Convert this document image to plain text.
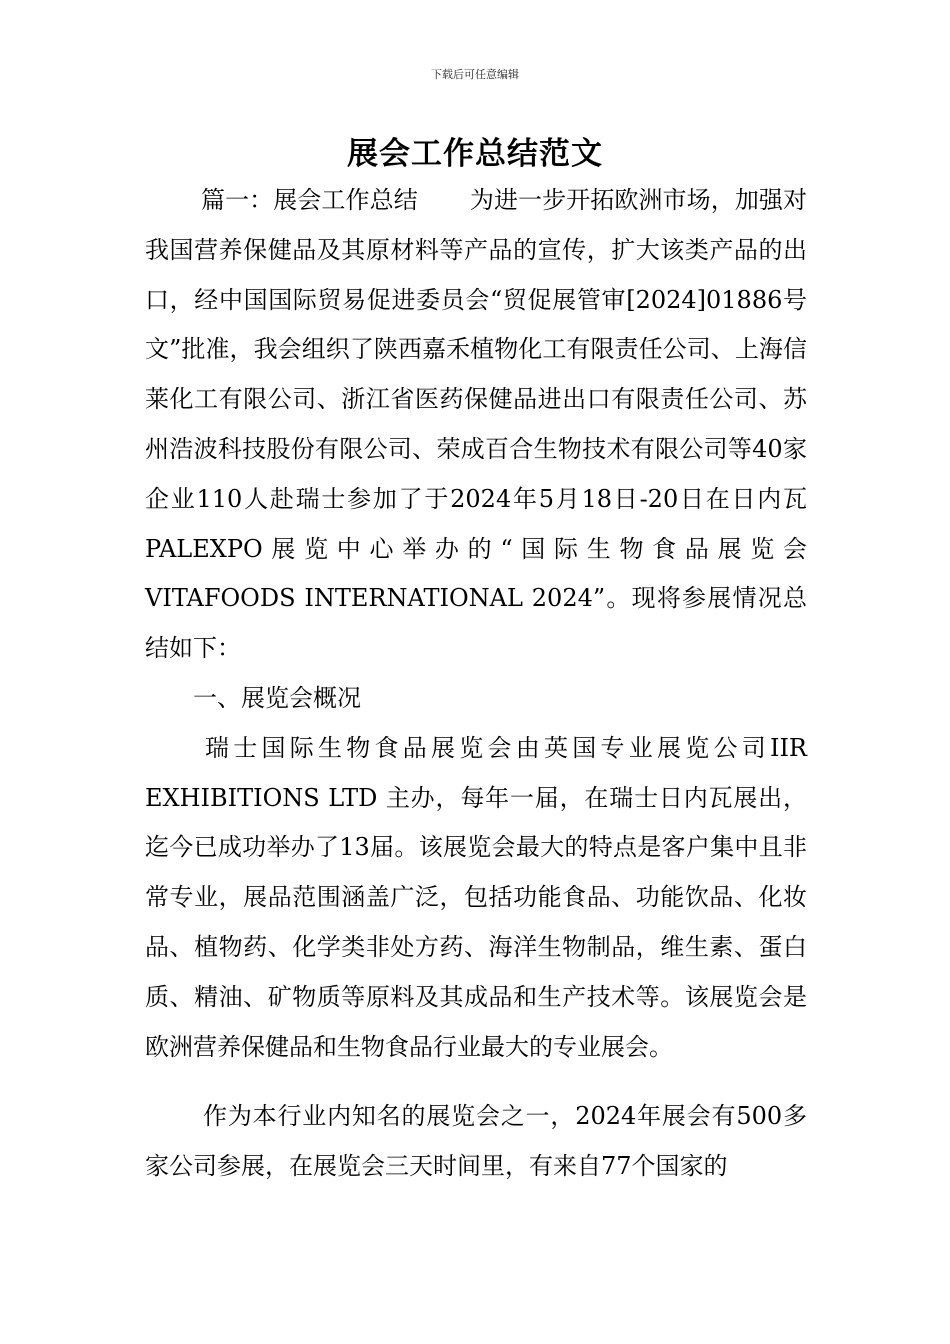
下载后可任意编辑
展会工作总结范文

篇一：展会工作总结 为进一步开拓欧洲市场，加强对我国营养保健品及其原材料等产品的宣传，扩大该类产品的出口，经中国国际贸易促进委员会“贸促展管审[2024]01886号文”批准，我会组织了陕西嘉禾植物化工有限责任公司、上海信莱化工有限公司、浙江省医药保健品进出口有限责任公司、苏州浩波科技股份有限公司、荣成百合生物技术有限公司等40家企业110人赴瑞士参加了于2024年5月18日-20日在日内瓦PALEXPO展览中心举办的“国际生物食品展览会 VITAFOODS INTERNATIONAL 2024”。现将参展情况总结如下：

一、展览会概况

瑞士国际生物食品展览会由英国专业展览公司IIR EXHIBITIONS LTD 主办，每年一届，在瑞士日内瓦展出，迄今已成功举办了13届。该展览会最大的特点是客户集中且非常专业，展品范围涵盖广泛，包括功能食品、功能饮品、化妆品、植物药、化学类非处方药、海洋生物制品，维生素、蛋白质、精油、矿物质等原料及其成品和生产技术等。该展览会是欧洲营养保健品和生物食品行业最大的专业展会。

作为本行业内知名的展览会之一，2024年展会有500多家公司参展，在展览会三天时间里，有来自77个国家的
